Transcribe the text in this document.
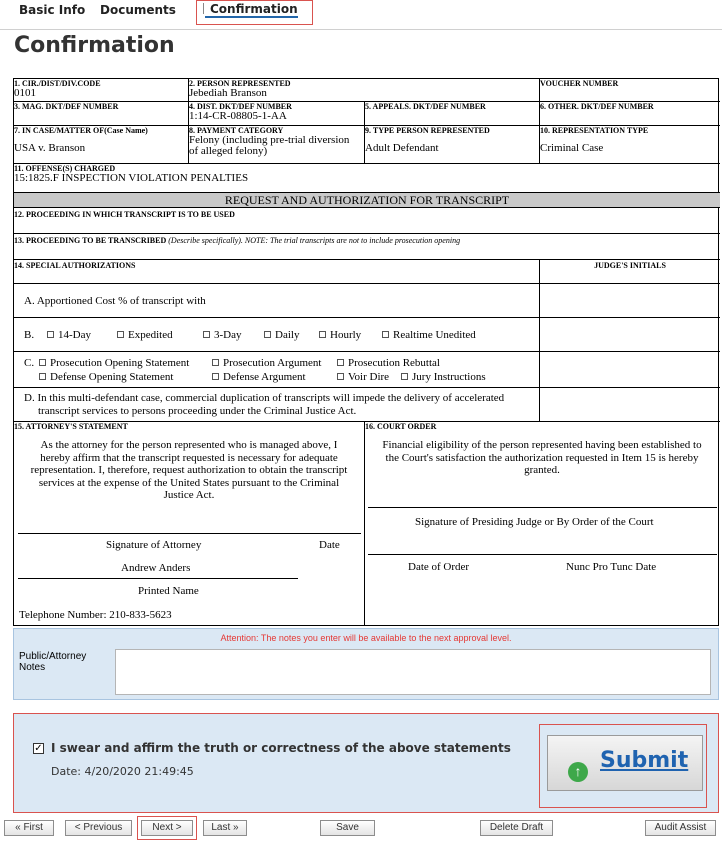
Basic Info Documents	Confirmation
Confirmation
1. CIR./DIST/DIV.CODE
0101
2. PERSON REPRESENTED
Jebediah Branson
VOUCHER NUMBER
3. MAG. DKT/DEF NUMBER	4. DIST. DKT/DEF NUMBER
1:14-CR-08805-1-AA
5. APPEALS. DKT/DEF NUMBER	6. OTHER. DKT/DEF NUMBER
7. IN CASE/MATTER OF(Case Name)
USA v. Branson
8. PAYMENT CATEGORY
Felony (including pre-trial diversion
of alleged felony)
9. TYPE PERSON REPRESENTED
Adult Defendant
10. REPRESENTATION TYPE
Criminal Case
11. OFFENSE(S) CHARGED
15:1825.F INSPECTION VIOLATION PENALTIES
REQUEST AND AUTHORIZATION FOR TRANSCRIPT
12. PROCEEDING IN WHICH TRANSCRIPT IS TO BE USED
13. PROCEEDING TO BE TRANSCRIBED (Describe specifically). NOTE: The trial transcripts are not to include prosecution opening
14. SPECIAL AUTHORIZATIONS	JUDGE'S INITIALS
A. Apportioned Cost % of transcript with
B.	14-Day	Expedited	3-Day	Daily	Hourly	Realtime Unedited
C.	Prosecution Opening Statement	Prosecution Argument	Prosecution Rebuttal
Defense Opening Statement	Defense Argument	Voir Dire	Jury Instructions
D. In this multi-defendant case, commercial duplication of transcripts will impede the delivery of accelerated
transcript services to persons proceeding under the Criminal Justice Act.
15. ATTORNEY'S STATEMENT
As the attorney for the person represented who is managed above, I
hereby affirm that the transcript requested is necessary for adequate
representation. I, therefore, request authorization to obtain the transcript
services at the expense of the United States pursuant to the Criminal
Justice Act.
Signature of Attorney	Date
Andrew Anders
Printed Name
Telephone Number: 210-833-5623
16. COURT ORDER
Financial eligibility of the person represented having been established to
the Court's satisfaction the authorization requested in Item 15 is hereby
granted.
Signature of Presiding Judge or By Order of the Court
Date of Order	Nunc Pro Tunc Date
Attention: The notes you enter will be available to the next approval level.
Public/Attorney Notes
✓ I swear and affirm the truth or correctness of the above statements
Date: 4/20/2020 21:49:45	↑ Submit
« First	< Previous	Next >	Last »	Save	Delete Draft	Audit Assist
